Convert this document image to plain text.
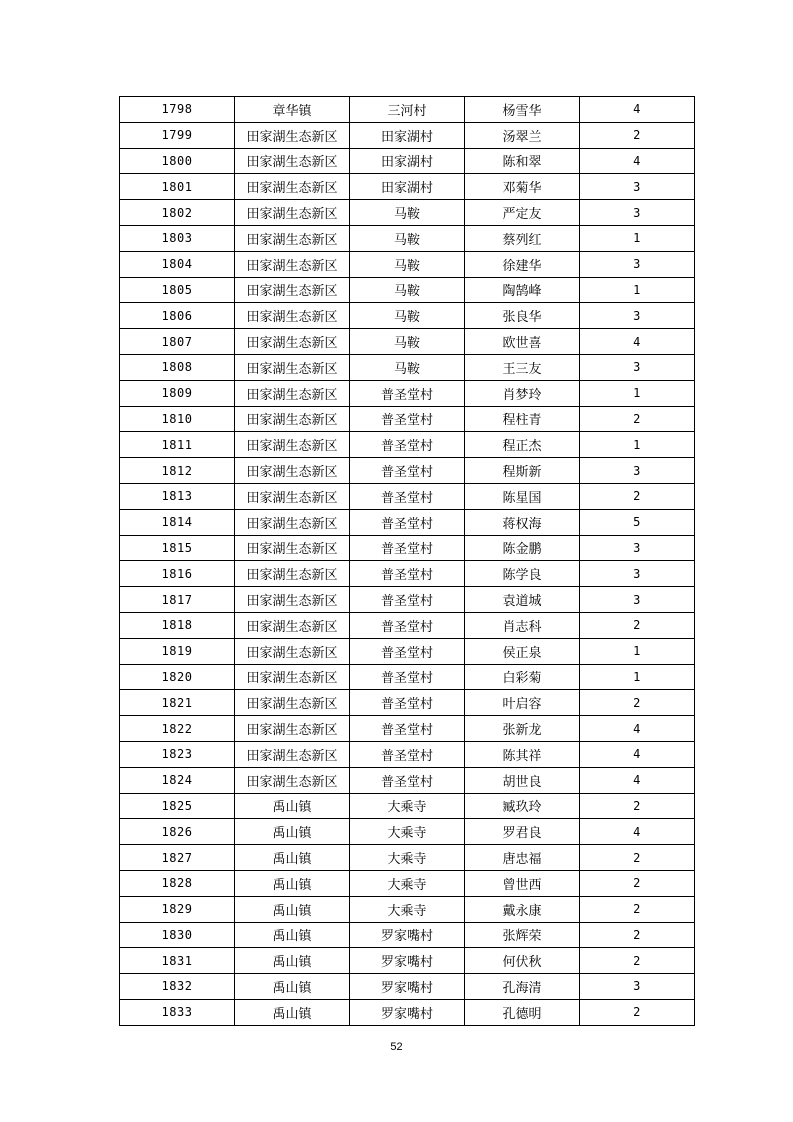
1798	章华镇	三河村	杨雪华	4
1799	田家湖生态新区	田家湖村	汤翠兰	2
1800	田家湖生态新区	田家湖村	陈和翠	4
1801	田家湖生态新区	田家湖村	邓菊华	3
1802	田家湖生态新区	马鞍	严定友	3
1803	田家湖生态新区	马鞍	蔡列红	1
1804	田家湖生态新区	马鞍	徐建华	3
1805	田家湖生态新区	马鞍	陶鹄峰	1
1806	田家湖生态新区	马鞍	张良华	3
1807	田家湖生态新区	马鞍	欧世喜	4
1808	田家湖生态新区	马鞍	王三友	3
1809	田家湖生态新区	普圣堂村	肖梦玲	1
1810	田家湖生态新区	普圣堂村	程柱青	2
1811	田家湖生态新区	普圣堂村	程正杰	1
1812	田家湖生态新区	普圣堂村	程斯新	3
1813	田家湖生态新区	普圣堂村	陈星国	2
1814	田家湖生态新区	普圣堂村	蒋权海	5
1815	田家湖生态新区	普圣堂村	陈金鹏	3
1816	田家湖生态新区	普圣堂村	陈学良	3
1817	田家湖生态新区	普圣堂村	袁道城	3
1818	田家湖生态新区	普圣堂村	肖志科	2
1819	田家湖生态新区	普圣堂村	侯正泉	1
1820	田家湖生态新区	普圣堂村	白彩菊	1
1821	田家湖生态新区	普圣堂村	叶启容	2
1822	田家湖生态新区	普圣堂村	张新龙	4
1823	田家湖生态新区	普圣堂村	陈其祥	4
1824	田家湖生态新区	普圣堂村	胡世良	4
1825	禹山镇	大乘寺	臧玖玲	2
1826	禹山镇	大乘寺	罗君良	4
1827	禹山镇	大乘寺	唐忠福	2
1828	禹山镇	大乘寺	曾世西	2
1829	禹山镇	大乘寺	戴永康	2
1830	禹山镇	罗家嘴村	张辉荣	2
1831	禹山镇	罗家嘴村	何伏秋	2
1832	禹山镇	罗家嘴村	孔海清	3
1833	禹山镇	罗家嘴村	孔德明	2
52
